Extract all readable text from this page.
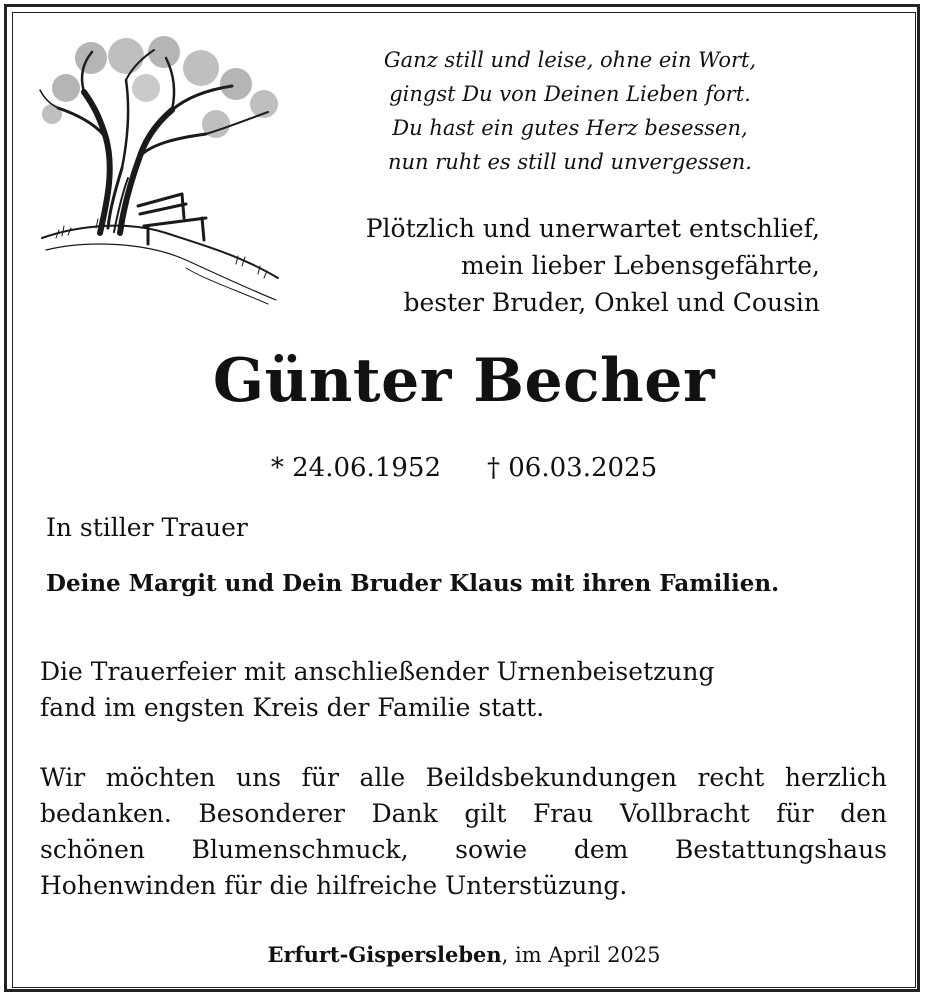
Ganz still und leise, ohne ein Wort,
gingst Du von Deinen Lieben fort.
Du hast ein gutes Herz besessen,
nun ruht es still und unvergessen.
Plötzlich und unerwartet entschlief,
mein lieber Lebensgefährte,
bester Bruder, Onkel und Cousin
Günter Becher
* 24.06.1952 † 06.03.2025
In stiller Trauer
Deine Margit und Dein Bruder Klaus mit ihren Familien.
Die Trauerfeier mit anschließender Urnenbeisetzung
fand im engsten Kreis der Familie statt.
Wir möchten uns für alle Beildsbekundungen recht herzlich
bedanken. Besonderer Dank gilt Frau Vollbracht für den
schönen Blumenschmuck, sowie dem Bestattungshaus
Hohenwinden für die hilfreiche Unterstüzung.
Erfurt-Gispersleben, im April 2025
